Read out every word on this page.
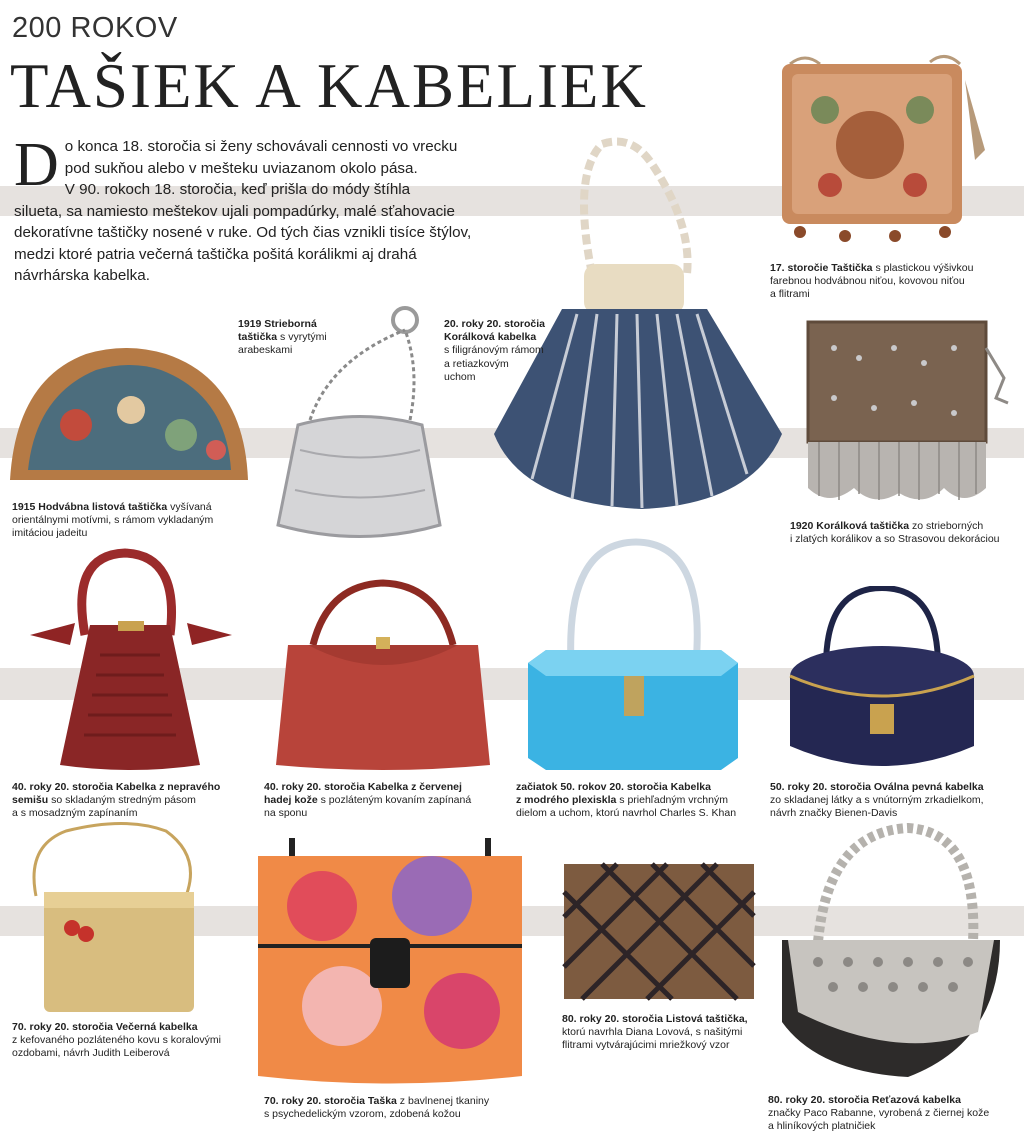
200 ROKOV
TAŠIEK A KABELIEK
D o konca 18. storočia si ženy schovávali cennosti vo vrecku
pod sukňou alebo v mešteku uviazanom okolo pása.
V 90. rokoch 18. storočia, keď prišla do módy štíhla
silueta, sa namiesto meštekov ujali pompadúrky, malé sťahovacie
dekoratívne taštičky nosené v ruke. Od tých čias vznikli tisíce štýlov,
medzi ktoré patria večerná taštička pošitá korálikmi aj drahá
návrhárska kabelka.	17. storočie Taštička s plastickou výšivkou
farebnou hodvábnou niťou, kovovou niťou
a flitrami
1919 Strieborná
taštička s vyrytými
arabeskami
20. roky 20. storočia
Korálková kabelka
s filigránovým rámom
a retiazkovým
uchom
1915 Hodvábna listová taštička vyšívaná
orientálnymi motívmi, s rámom vykladaným
imitáciou jadeitu
1920 Korálková taštička zo strieborných
i zlatých korálikov a so Strasovou dekoráciou
40. roky 20. storočia Kabelka z nepravého
semišu so skladaným stredným pásom
a s mosadzným zapínaním
40. roky 20. storočia Kabelka z červenej
hadej kože s pozláteným kovaním zapínaná
na sponu
začiatok 50. rokov 20. storočia Kabelka
z modrého plexiskla s priehľadným vrchným
dielom a uchom, ktorú navrhol Charles S. Khan
50. roky 20. storočia Oválna pevná kabelka
zo skladanej látky a s vnútorným zrkadielkom,
návrh značky Bienen-Davis
70. roky 20. storočia Večerná kabelka
z kefovaného pozláteného kovu s koralovými
ozdobami, návrh Judith Leiberová
80. roky 20. storočia Listová taštička,
ktorú navrhla Diana Lovová, s našitými
flitrami vytvárajúcimi mriežkový vzor
70. roky 20. storočia Taška z bavlnenej tkaniny
s psychedelickým vzorom, zdobená kožou
80. roky 20. storočia Reťazová kabelka
značky Paco Rabanne, vyrobená z čiernej kože
a hliníkových platničiek
